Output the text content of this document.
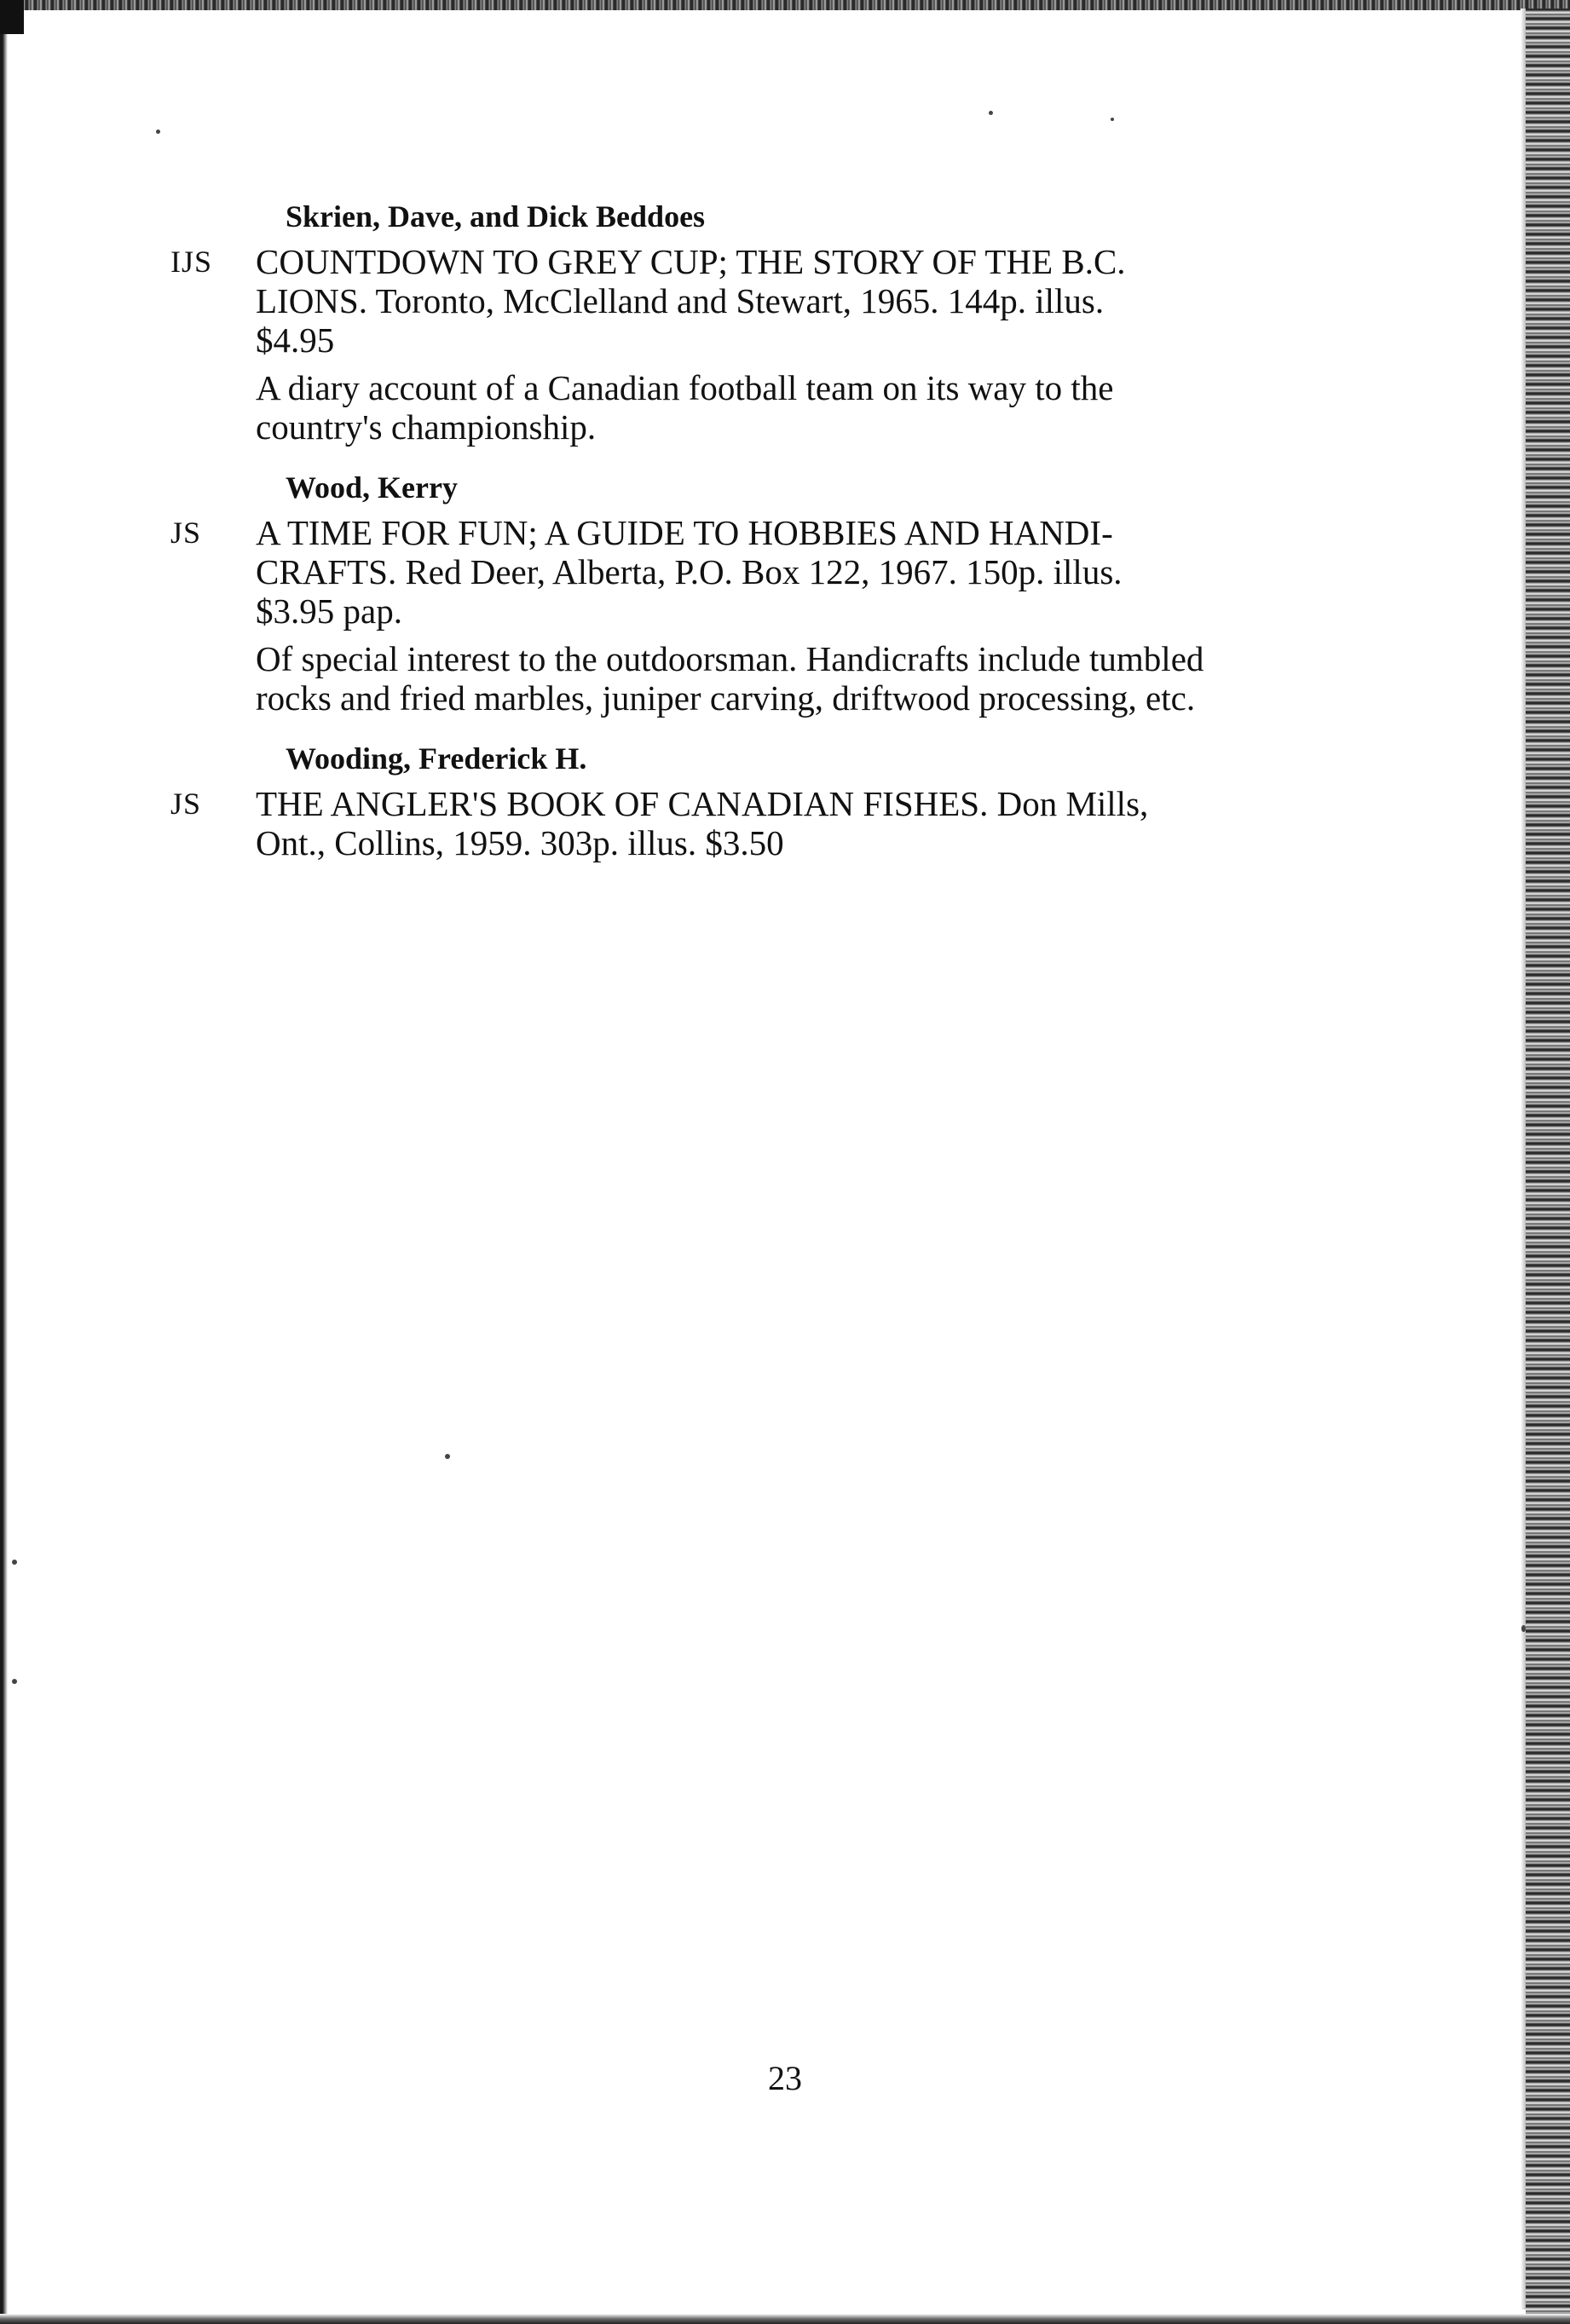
Skrien, Dave, and Dick Beddoes
IJS	COUNTDOWN TO GREY CUP; THE STORY OF THE B.C.
LIONS. Toronto, McClelland and Stewart, 1965. 144p. illus.
$4.95
A diary account of a Canadian football team on its way to the
country's championship.
Wood, Kerry
JS	A TIME FOR FUN; A GUIDE TO HOBBIES AND HANDI-
CRAFTS. Red Deer, Alberta, P.O. Box 122, 1967. 150p. illus.
$3.95 pap.
Of special interest to the outdoorsman. Handicrafts include tumbled
rocks and fried marbles, juniper carving, driftwood processing, etc.
Wooding, Frederick H.
JS	THE ANGLER'S BOOK OF CANADIAN FISHES. Don Mills,
Ont., Collins, 1959. 303p. illus. $3.50
23
